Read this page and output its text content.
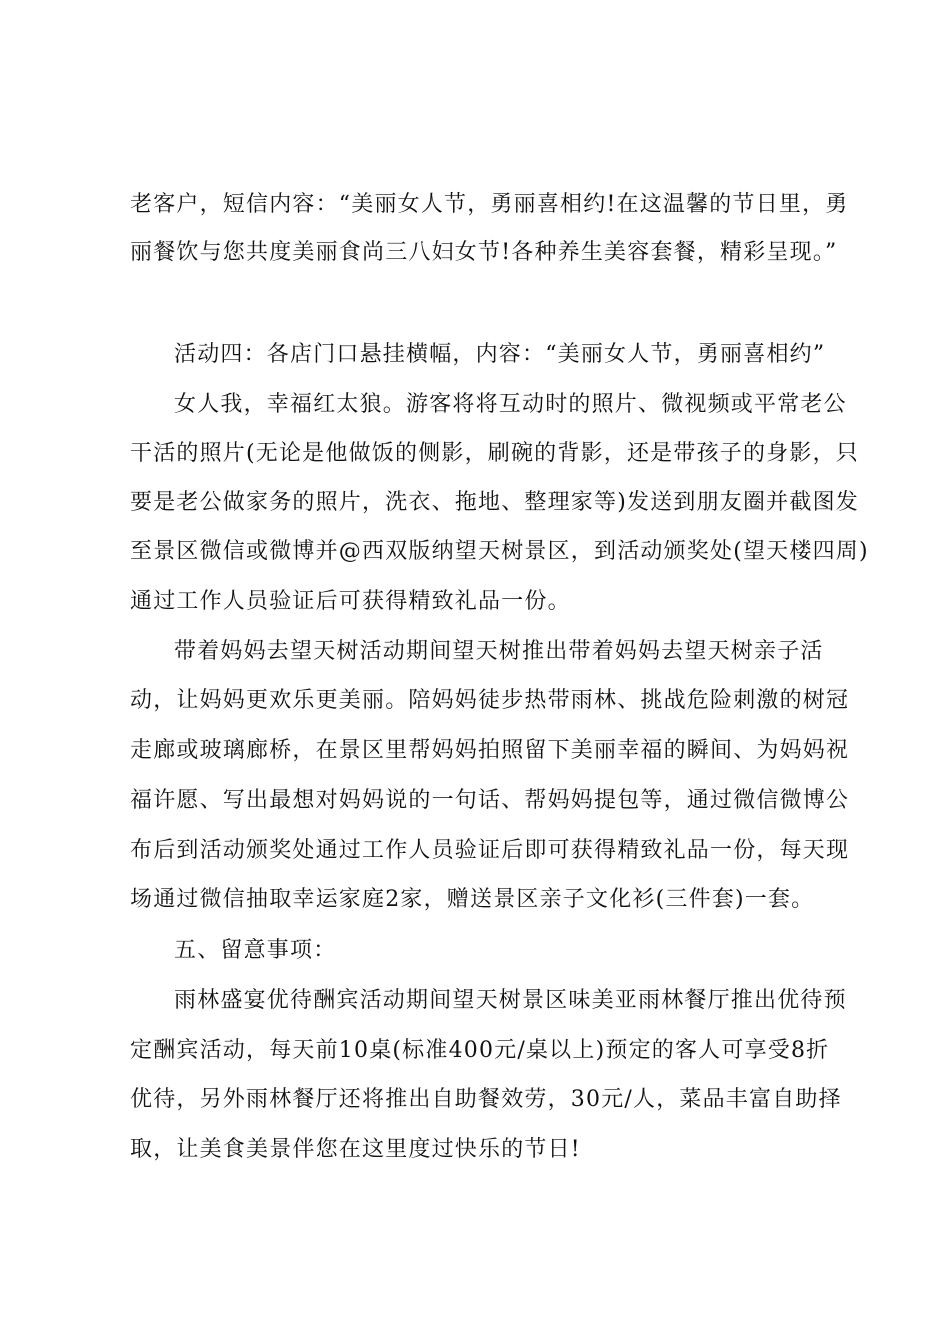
老客户，短信内容：“美丽女人节，勇丽喜相约!在这温馨的节日里，勇
丽餐饮与您共度美丽食尚三八妇女节!各种养生美容套餐，精彩呈现。”
活动四：各店门口悬挂横幅，内容：“美丽女人节，勇丽喜相约”
女人我，幸福红太狼。游客将将互动时的照片、微视频或平常老公
干活的照片(无论是他做饭的侧影，刷碗的背影，还是带孩子的身影，只
要是老公做家务的照片，洗衣、拖地、整理家等)发送到朋友圈并截图发
至景区微信或微博并@西双版纳望天树景区，到活动颁奖处(望天楼四周)
通过工作人员验证后可获得精致礼品一份。
带着妈妈去望天树活动期间望天树推出带着妈妈去望天树亲子活
动，让妈妈更欢乐更美丽。陪妈妈徒步热带雨林、挑战危险刺激的树冠
走廊或玻璃廊桥，在景区里帮妈妈拍照留下美丽幸福的瞬间、为妈妈祝
福许愿、写出最想对妈妈说的一句话、帮妈妈提包等，通过微信微博公
布后到活动颁奖处通过工作人员验证后即可获得精致礼品一份，每天现
场通过微信抽取幸运家庭2家，赠送景区亲子文化衫(三件套)一套。
五、留意事项：
雨林盛宴优待酬宾活动期间望天树景区味美亚雨林餐厅推出优待预
定酬宾活动，每天前10桌(标准400元/桌以上)预定的客人可享受8折
优待，另外雨林餐厅还将推出自助餐效劳，30元/人，菜品丰富自助择
取，让美食美景伴您在这里度过快乐的节日!
